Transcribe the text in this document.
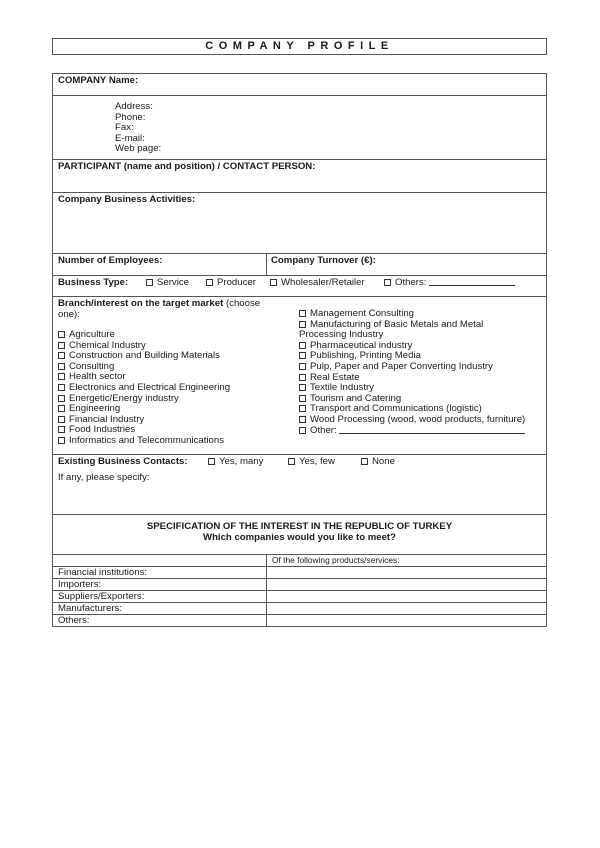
COMPANY PROFILE
COMPANY Name:
Address:
Phone:
Fax:
E-mail:
Web page:
PARTICIPANT (name and position) / CONTACT PERSON:
Company Business Activities:
Number of Employees:	Company Turnover (€):
Business Type:	Service	Producer	Wholesaler/Retailer	Others:
Branch/interest on the target market (choose
one):
Agriculture
Chemical Industry
Construction and Building Materials
Consulting
Health sector
Electronics and Electrical Engineering
Energetic/Energy industry
Engineering
Financial Industry
Food Industries
Informatics and Telecommunications
Management Consulting
Manufacturing of Basic Metals and Metal
Processing Industry
Pharmaceutical industry
Publishing, Printing Media
Pulp, Paper and Paper Converting Industry
Real Estate
Textile Industry
Tourism and Catering
Transport and Communications (logistic)
Wood Processing (wood, wood products, furniture)
Other:
Existing Business Contacts:	Yes, many	Yes, few	None
If any, please specify:
SPECIFICATION OF THE INTEREST IN THE REPUBLIC OF TURKEY
Which companies would you like to meet?
Of the following products/services:
Financial institutions:
Importers:
Suppliers/Exporters:
Manufacturers:
Others:
